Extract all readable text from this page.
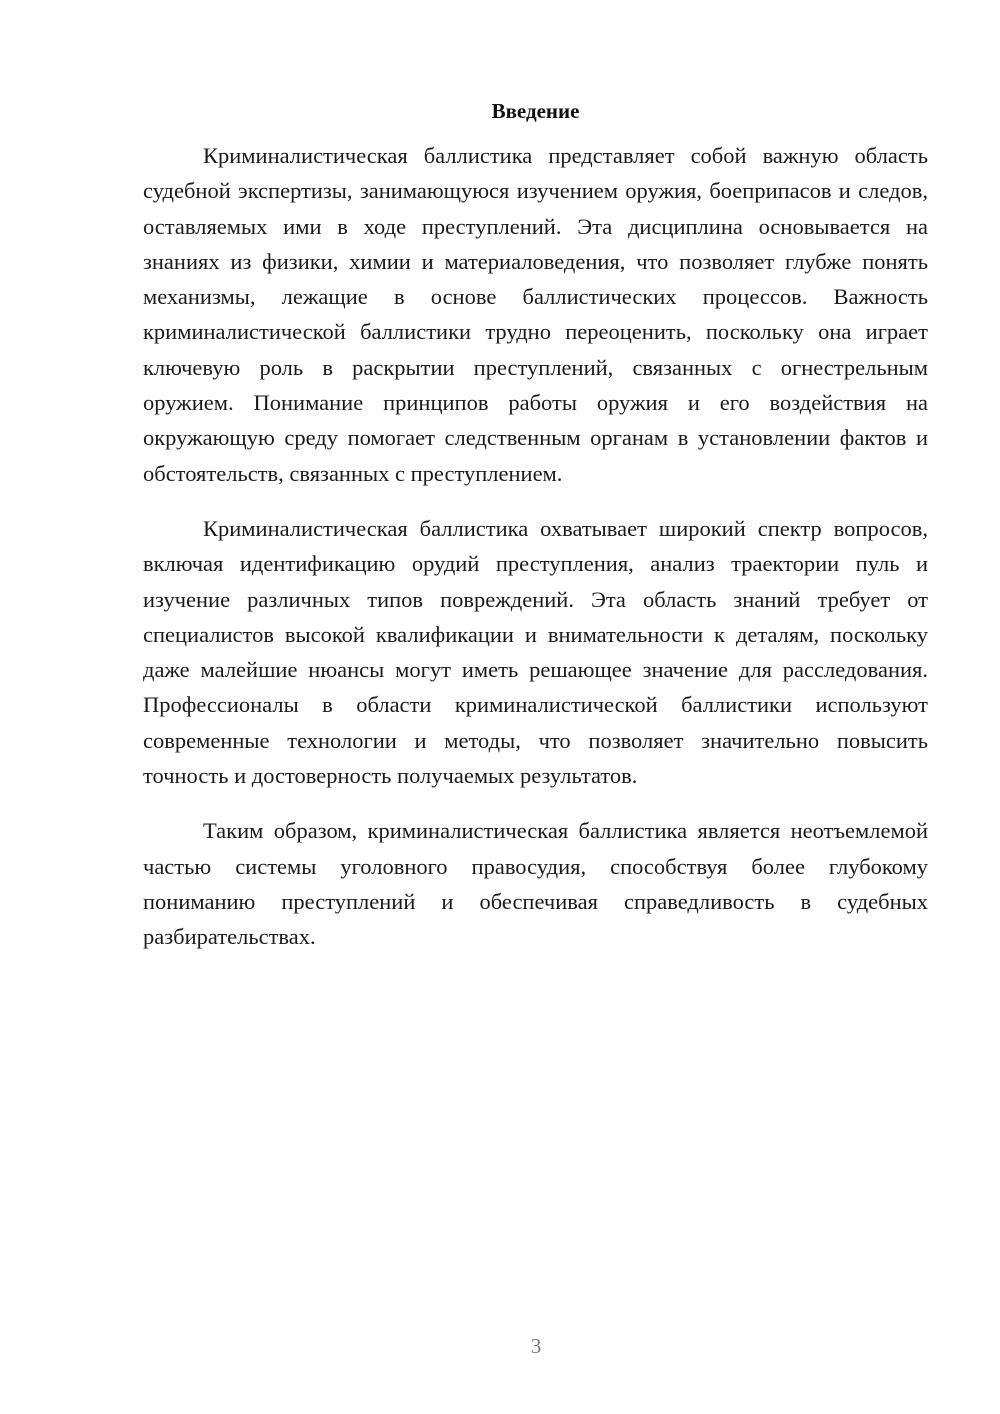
Введение

Криминалистическая баллистика представляет собой важную область судебной экспертизы, занимающуюся изучением оружия, боеприпасов и следов, оставляемых ими в ходе преступлений. Эта дисциплина основывается на знаниях из физики, химии и материаловедения, что позволяет глубже понять механизмы, лежащие в основе баллистических процессов. Важность криминалистической баллистики трудно переоценить, поскольку она играет ключевую роль в раскрытии преступлений, связанных с огнестрельным оружием. Понимание принципов работы оружия и его воздействия на окружающую среду помогает следственным органам в установлении фактов и обстоятельств, связанных с преступлением.

Криминалистическая баллистика охватывает широкий спектр вопросов, включая идентификацию орудий преступления, анализ траектории пуль и изучение различных типов повреждений. Эта область знаний требует от специалистов высокой квалификации и внимательности к деталям, поскольку даже малейшие нюансы могут иметь решающее значение для расследования. Профессионалы в области криминалистической баллистики используют современные технологии и методы, что позволяет значительно повысить точность и достоверность получаемых результатов.

Таким образом, криминалистическая баллистика является неотъемлемой частью системы уголовного правосудия, способствуя более глубокому пониманию преступлений и обеспечивая справедливость в судебных разбирательствах.

3
